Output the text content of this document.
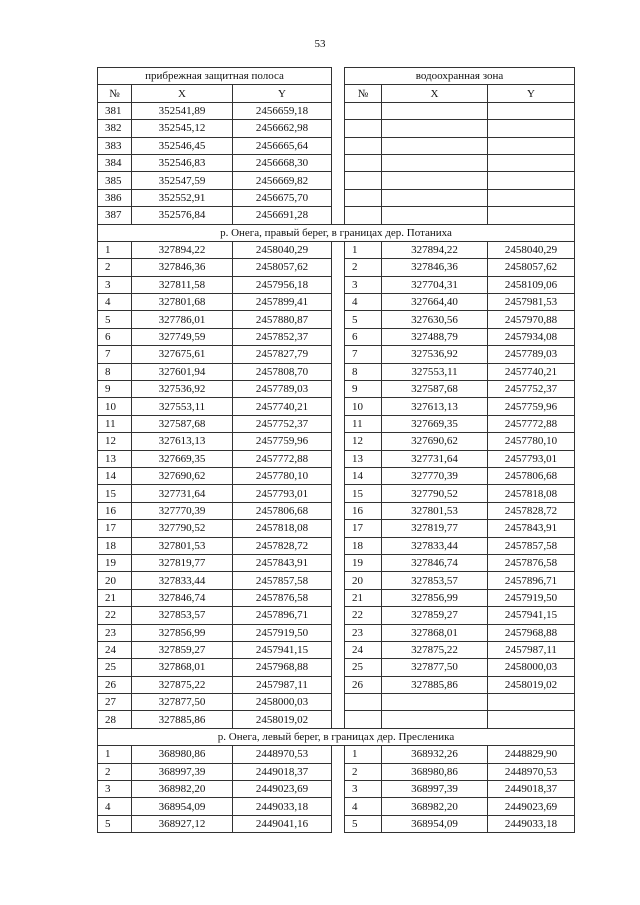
53
прибрежная защитная полоса				водоохранная зона		
№	X	Y		№	X	Y
381	352541,89	2456659,18				
382	352545,12	2456662,98				
383	352546,45	2456665,64				
384	352546,83	2456668,30				
385	352547,59	2456669,82				
386	352552,91	2456675,70				
387	352576,84	2456691,28				
р. Онега, правый берег, в границах дер. Потаниха						
1	327894,22	2458040,29		1	327894,22	2458040,29
2	327846,36	2458057,62		2	327846,36	2458057,62
3	327811,58	2457956,18		3	327704,31	2458109,06
4	327801,68	2457899,41		4	327664,40	2457981,53
5	327786,01	2457880,87		5	327630,56	2457970,88
6	327749,59	2457852,37		6	327488,79	2457934,08
7	327675,61	2457827,79		7	327536,92	2457789,03
8	327601,94	2457808,70		8	327553,11	2457740,21
9	327536,92	2457789,03		9	327587,68	2457752,37
10	327553,11	2457740,21		10	327613,13	2457759,96
11	327587,68	2457752,37		11	327669,35	2457772,88
12	327613,13	2457759,96		12	327690,62	2457780,10
13	327669,35	2457772,88		13	327731,64	2457793,01
14	327690,62	2457780,10		14	327770,39	2457806,68
15	327731,64	2457793,01		15	327790,52	2457818,08
16	327770,39	2457806,68		16	327801,53	2457828,72
17	327790,52	2457818,08		17	327819,77	2457843,91
18	327801,53	2457828,72		18	327833,44	2457857,58
19	327819,77	2457843,91		19	327846,74	2457876,58
20	327833,44	2457857,58		20	327853,57	2457896,71
21	327846,74	2457876,58		21	327856,99	2457919,50
22	327853,57	2457896,71		22	327859,27	2457941,15
23	327856,99	2457919,50		23	327868,01	2457968,88
24	327859,27	2457941,15		24	327875,22	2457987,11
25	327868,01	2457968,88		25	327877,50	2458000,03
26	327875,22	2457987,11		26	327885,86	2458019,02
27	327877,50	2458000,03				
28	327885,86	2458019,02				
р. Онега, левый берег, в границах дер. Пресленика						
1	368980,86	2448970,53		1	368932,26	2448829,90
2	368997,39	2449018,37		2	368980,86	2448970,53
3	368982,20	2449023,69		3	368997,39	2449018,37
4	368954,09	2449033,18		4	368982,20	2449023,69
5	368927,12	2449041,16		5	368954,09	2449033,18
